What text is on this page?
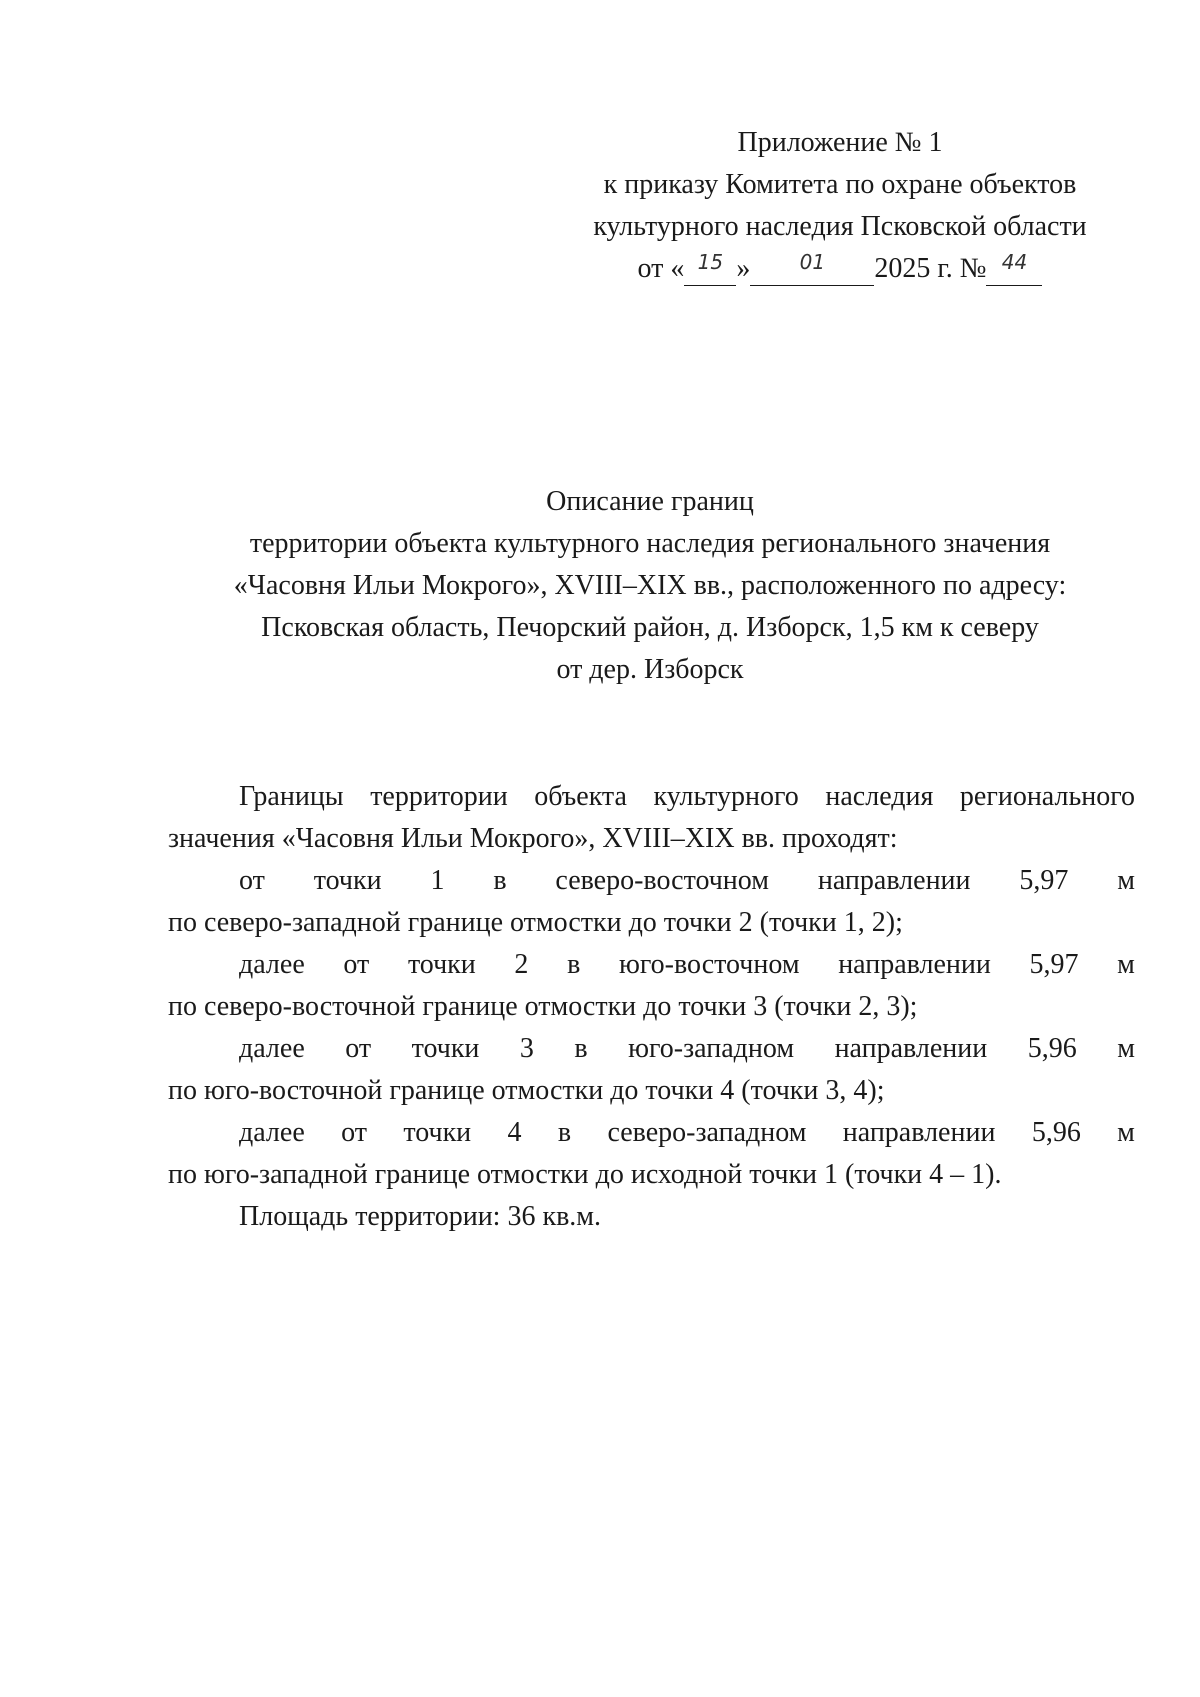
Приложение № 1
к приказу Комитета по охране объектов
культурного наследия Псковской области
от « $^{15}$ » $^{01}$ 2025 г. № $^{44}$
Описание границ
территории объекта культурного наследия регионального значения
«Часовня Ильи Мокрого», XVIII–XIX вв., расположенного по адресу:
Псковская область, Печорский район, д. Изборск, 1,5 км к северу
от дер. Изборск
Границы территории объекта культурного наследия регионального значения «Часовня Ильи Мокрого», XVIII–XIX вв. проходят:
от точки 1 в северо-восточном направлении 5,97 м
по северо-западной границе отмостки до точки 2 (точки 1, 2);
далее от точки 2 в юго-восточном направлении 5,97 м
по северо-восточной границе отмостки до точки 3 (точки 2, 3);
далее от точки 3 в юго-западном направлении 5,96 м
по юго-восточной границе отмостки до точки 4 (точки 3, 4);
далее от точки 4 в северо-западном направлении 5,96 м
по юго-западной границе отмостки до исходной точки 1 (точки 4 – 1).
Площадь территории: 36 кв.м.
